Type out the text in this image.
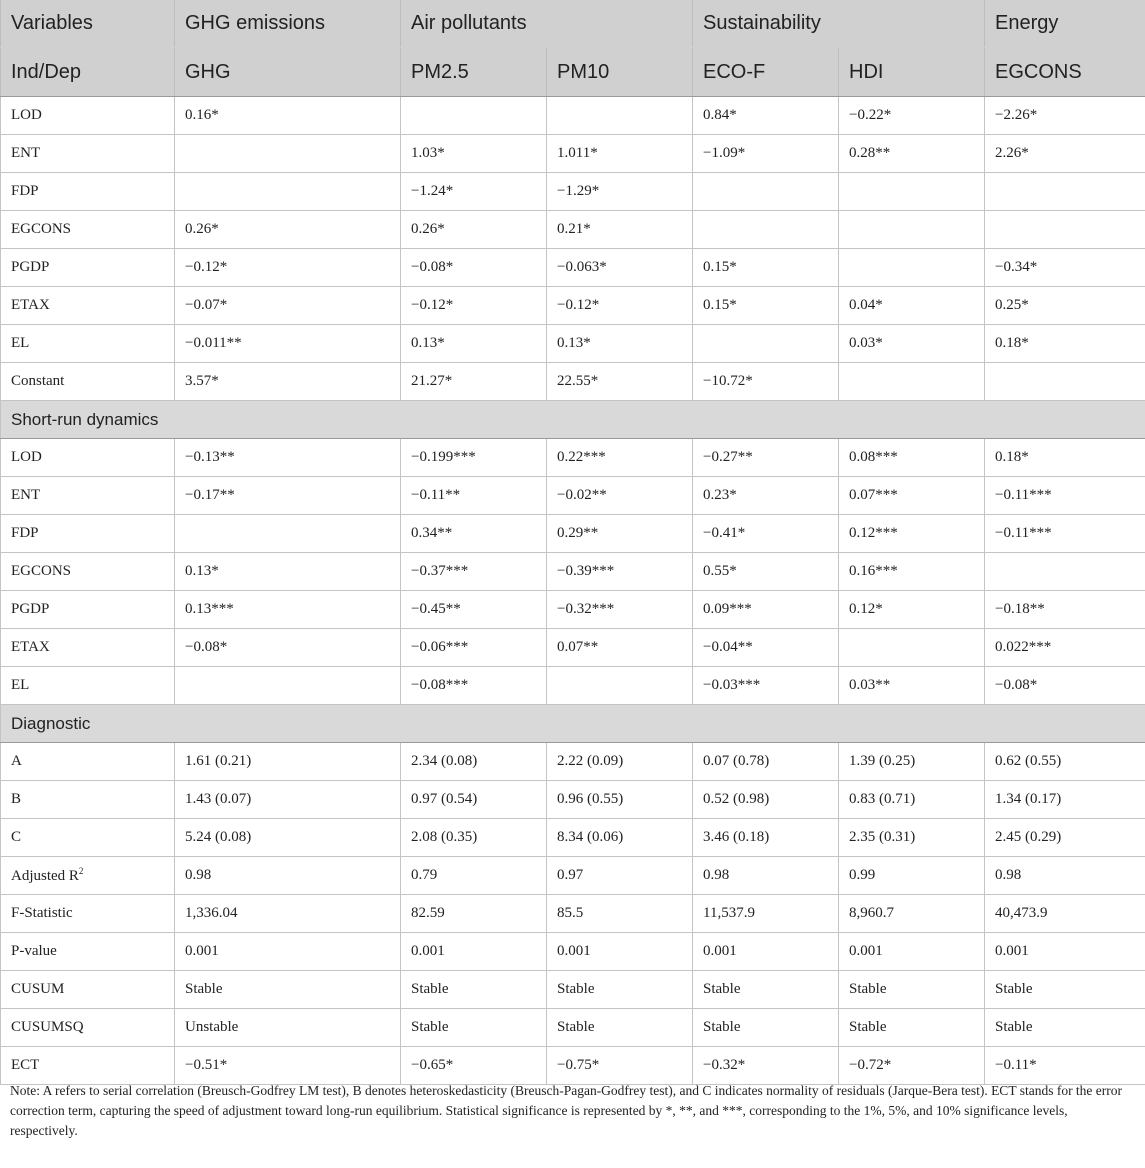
Variables	GHG emissions	Air pollutants		Sustainability		Energy
Ind/Dep	GHG	PM2.5	PM10	ECO-F	HDI	EGCONS
LOD	0.16*			0.84*	−0.22*	−2.26*
ENT		1.03*	1.011*	−1.09*	0.28**	2.26*
FDP		−1.24*	−1.29*			
EGCONS	0.26*	0.26*	0.21*			
PGDP	−0.12*	−0.08*	−0.063*	0.15*		−0.34*
ETAX	−0.07*	−0.12*	−0.12*	0.15*	0.04*	0.25*
EL	−0.011**	0.13*	0.13*		0.03*	0.18*
Constant	3.57*	21.27*	22.55*	−10.72*		
Short-run dynamics						
LOD	−0.13**	−0.199***	0.22***	−0.27**	0.08***	0.18*
ENT	−0.17**	−0.11**	−0.02**	0.23*	0.07***	−0.11***
FDP		0.34**	0.29**	−0.41*	0.12***	−0.11***
EGCONS	0.13*	−0.37***	−0.39***	0.55*	0.16***	
PGDP	0.13***	−0.45**	−0.32***	0.09***	0.12*	−0.18**
ETAX	−0.08*	−0.06***	0.07**	−0.04**		0.022***
EL		−0.08***		−0.03***	0.03**	−0.08*
Diagnostic						
A	1.61 (0.21)	2.34 (0.08)	2.22 (0.09)	0.07 (0.78)	1.39 (0.25)	0.62 (0.55)
B	1.43 (0.07)	0.97 (0.54)	0.96 (0.55)	0.52 (0.98)	0.83 (0.71)	1.34 (0.17)
C	5.24 (0.08)	2.08 (0.35)	8.34 (0.06)	3.46 (0.18)	2.35 (0.31)	2.45 (0.29)
Adjusted $R^2$	0.98	0.79	0.97	0.98	0.99	0.98
F-Statistic	1,336.04	82.59	85.5	11,537.9	8,960.7	40,473.9
P-value	0.001	0.001	0.001	0.001	0.001	0.001
CUSUM	Stable	Stable	Stable	Stable	Stable	Stable
CUSUMSQ	Unstable	Stable	Stable	Stable	Stable	Stable
ECT	−0.51*	−0.65*	−0.75*	−0.32*	−0.72*	−0.11*
Note: A refers to serial correlation (Breusch-Godfrey LM test), B denotes heteroskedasticity (Breusch-Pagan-Godfrey test), and C indicates normality of residuals (Jarque-Bera test). ECT stands for the error correction term, capturing the speed of adjustment toward long-run equilibrium. Statistical significance is represented by *, **, and ***, corresponding to the 1%, 5%, and 10% significance levels, respectively.
